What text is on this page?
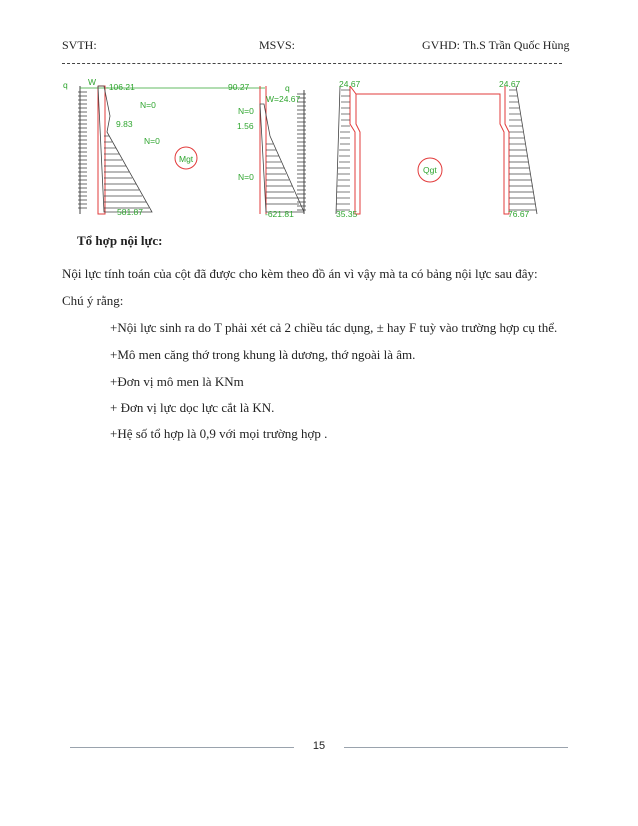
SVTH:	MSVS:	GVHD: Th.S Trần Quốc Hùng
q W -106.21
N=0
9.83
N=0
Mgt
581.87
90.27	q
W=24.67
N=0
1.56
N=0
-621.81
24.67	24.67
Qgt
35.35	76.67
Tổ hợp nội lực:
Nội lực tính toán của cột đã được cho kèm theo đồ án vì vậy mà ta có bảng nội lực sau đây:
Chú ý rằng:
+Nội lực sinh ra do T phải xét cả 2 chiều tác dụng, ± hay F tuỳ vào trường hợp cụ thể.
+Mô men căng thớ trong khung là dương, thớ ngoài là âm.
+Đơn vị mô men là KNm
+ Đơn vị lực dọc lực cắt là KN.
+Hệ số tổ hợp là 0,9 với mọi trường hợp .
15
